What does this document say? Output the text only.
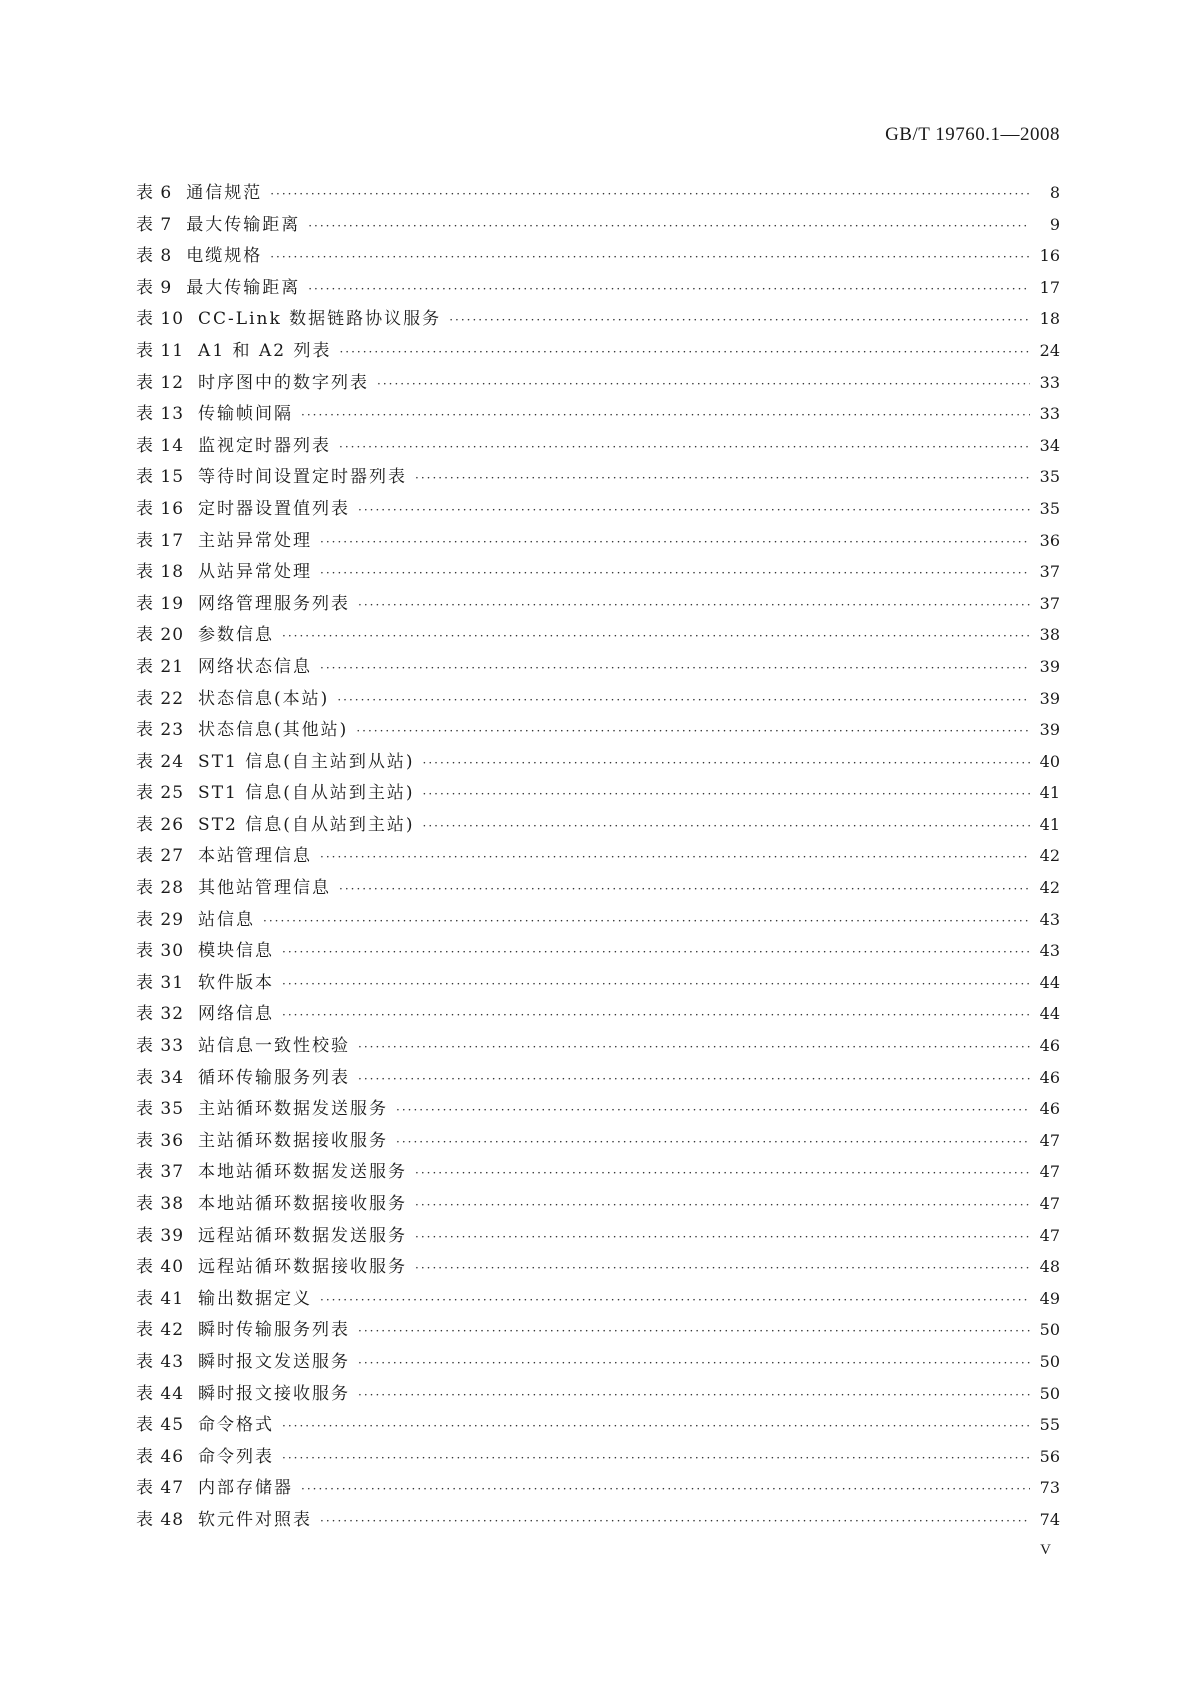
GB/T 19760.1—2008
表 6 通信规范 ·····	8
表 7 最大传输距离 ·····	9
表 8 电缆规格 ·····	16
表 9 最大传输距离 ·····	17
表 10 CC-Link 数据链路协议服务 ·····	18
表 11 A1 和 A2 列表 ·····	24
表 12 时序图中的数字列表 ·····	33
表 13 传输帧间隔 ·····	33
表 14 监视定时器列表 ·····	34
表 15 等待时间设置定时器列表 ·····	35
表 16 定时器设置值列表 ·····	35
表 17 主站异常处理 ·····	36
表 18 从站异常处理 ·····	37
表 19 网络管理服务列表 ·····	37
表 20 参数信息 ·····	38
表 21 网络状态信息 ·····	39
表 22 状态信息(本站) ·····	39
表 23 状态信息(其他站) ·····	39
表 24 ST1 信息(自主站到从站) ·····	40
表 25 ST1 信息(自从站到主站) ·····	41
表 26 ST2 信息(自从站到主站) ·····	41
表 27 本站管理信息 ·····	42
表 28 其他站管理信息 ·····	42
表 29 站信息 ·····	43
表 30 模块信息 ·····	43
表 31 软件版本 ·····	44
表 32 网络信息 ·····	44
表 33 站信息一致性校验 ·····	46
表 34 循环传输服务列表 ·····	46
表 35 主站循环数据发送服务 ·····	46
表 36 主站循环数据接收服务 ·····	47
表 37 本地站循环数据发送服务 ·····	47
表 38 本地站循环数据接收服务 ·····	47
表 39 远程站循环数据发送服务 ·····	47
表 40 远程站循环数据接收服务 ·····	48
表 41 输出数据定义 ·····	49
表 42 瞬时传输服务列表 ·····	50
表 43 瞬时报文发送服务 ·····	50
表 44 瞬时报文接收服务 ·····	50
表 45 命令格式 ·····	55
表 46 命令列表 ·····	56
表 47 内部存储器 ·····	73
表 48 软元件对照表 ·····	74
V
